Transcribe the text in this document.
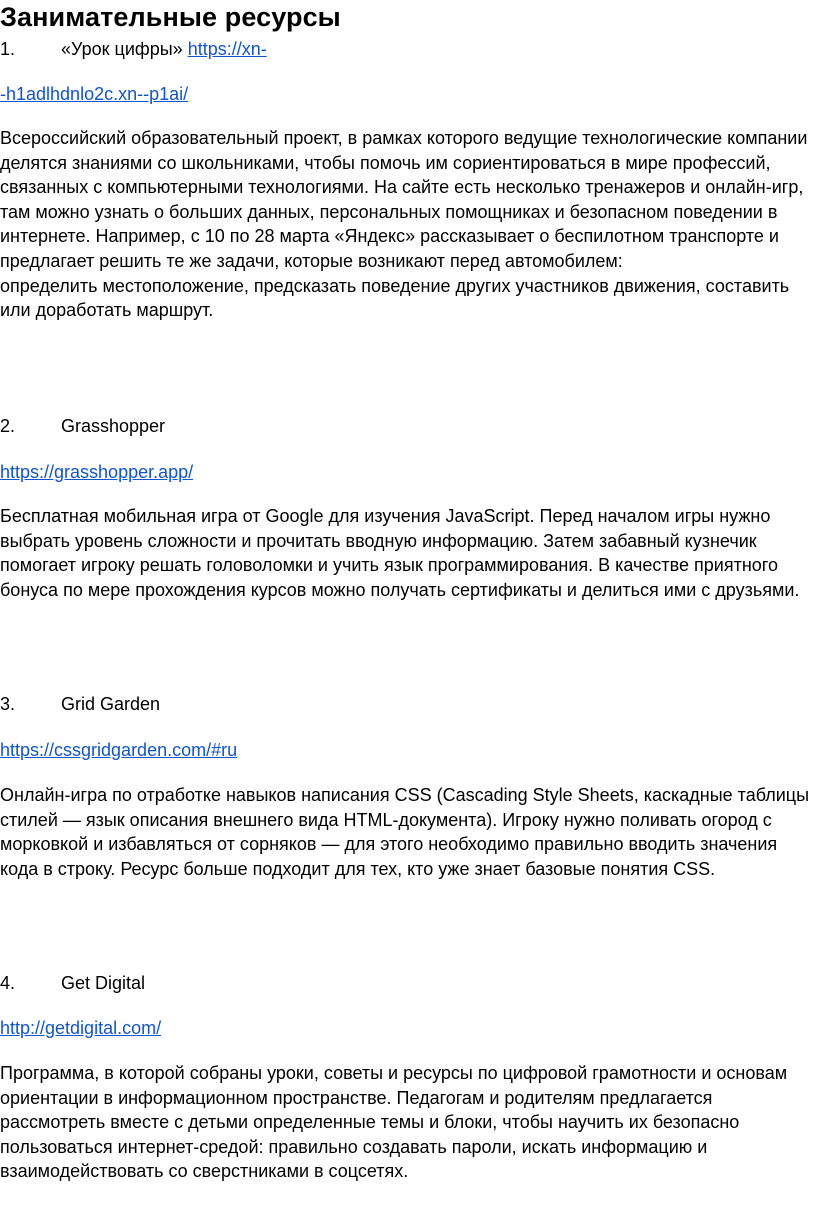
Занимательные ресурсы
1.	«Урок цифры» https://xn-
-h1adlhdnlo2c.xn--p1ai/

Всероссийский образовательный проект, в рамках которого ведущие технологические компании делятся знаниями со школьниками, чтобы помочь им сориентироваться в мире профессий, связанных с компьютерными технологиями. На сайте есть несколько тренажеров и онлайн-игр, там можно узнать о больших данных, персональных помощниках и безопасном поведении в интернете. Например, с 10 по 28 марта «Яндекс» рассказывает о беспилотном транспорте и предлагает решить те же задачи, которые возникают перед автомобилем:
определить местоположение, предсказать поведение других участников движения, составить или доработать маршрут.

2.	Grasshopper
https://grasshopper.app/

Бесплатная мобильная игра от Google для изучения JavaScript. Перед началом игры нужно выбрать уровень сложности и прочитать вводную информацию. Затем забавный кузнечик помогает игроку решать головоломки и учить язык программирования. В качестве приятного бонуса по мере прохождения курсов можно получать сертификаты и делиться ими с друзьями.

3.	Grid Garden
https://cssgridgarden.com/#ru

Онлайн-игра по отработке навыков написания CSS (Cascading Style Sheets, каскадные таблицы стилей — язык описания внешнего вида HTML-документа). Игроку нужно поливать огород с морковкой и избавляться от сорняков — для этого необходимо правильно вводить значения кода в строку. Ресурс больше подходит для тех, кто уже знает базовые понятия CSS.

4.	Get Digital
http://getdigital.com/

Программа, в которой собраны уроки, советы и ресурсы по цифровой грамотности и основам ориентации в информационном пространстве. Педагогам и родителям предлагается рассмотреть вместе с детьми определенные темы и блоки, чтобы научить их безопасно пользоваться интернет-средой: правильно создавать пароли, искать информацию и взаимодействовать со сверстниками в соцсетях.
